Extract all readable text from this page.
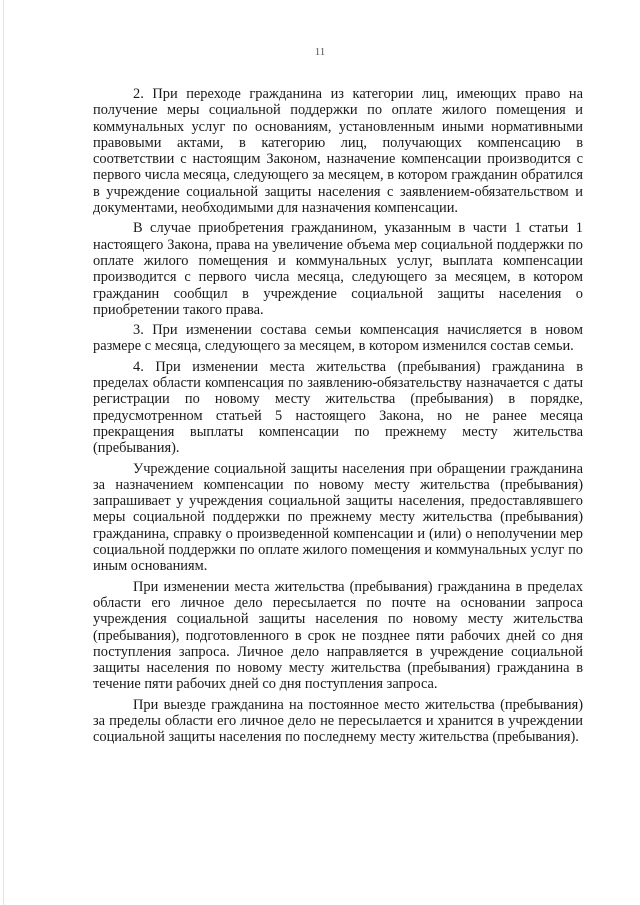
11

2. При переходе гражданина из категории лиц, имеющих право на получение меры социальной поддержки по оплате жилого помещения и коммунальных услуг по основаниям, установленным иными нормативными правовыми актами, в категорию лиц, получающих компенсацию в соответствии с настоящим Законом, назначение компенсации производится с первого числа месяца, следующего за месяцем, в котором гражданин обратился в учреждение социальной защиты населения с заявлением-обязательством и документами, необходимыми для назначения компенсации.

В случае приобретения гражданином, указанным в части 1 статьи 1 настоящего Закона, права на увеличение объема мер социальной поддержки по оплате жилого помещения и коммунальных услуг, выплата компенсации производится с первого числа месяца, следующего за месяцем, в котором гражданин сообщил в учреждение социальной защиты населения о приобретении такого права.

3. При изменении состава семьи компенсация начисляется в новом размере с месяца, следующего за месяцем, в котором изменился состав семьи.

4. При изменении места жительства (пребывания) гражданина в пределах области компенсация по заявлению-обязательству назначается с даты регистрации по новому месту жительства (пребывания) в порядке, предусмотренном статьей 5 настоящего Закона, но не ранее месяца прекращения выплаты компенсации по прежнему месту жительства (пребывания).

Учреждение социальной защиты населения при обращении гражданина за назначением компенсации по новому месту жительства (пребывания) запрашивает у учреждения социальной защиты населения, предоставлявшего меры социальной поддержки по прежнему месту жительства (пребывания) гражданина, справку о произведенной компенсации и (или) о неполучении мер социальной поддержки по оплате жилого помещения и коммунальных услуг по иным основаниям.

При изменении места жительства (пребывания) гражданина в пределах области его личное дело пересылается по почте на основании запроса учреждения социальной защиты населения по новому месту жительства (пребывания), подготовленного в срок не позднее пяти рабочих дней со дня поступления запроса. Личное дело направляется в учреждение социальной защиты населения по новому месту жительства (пребывания) гражданина в течение пяти рабочих дней со дня поступления запроса.

При выезде гражданина на постоянное место жительства (пребывания) за пределы области его личное дело не пересылается и хранится в учреждении социальной защиты населения по последнему месту жительства (пребывания).
